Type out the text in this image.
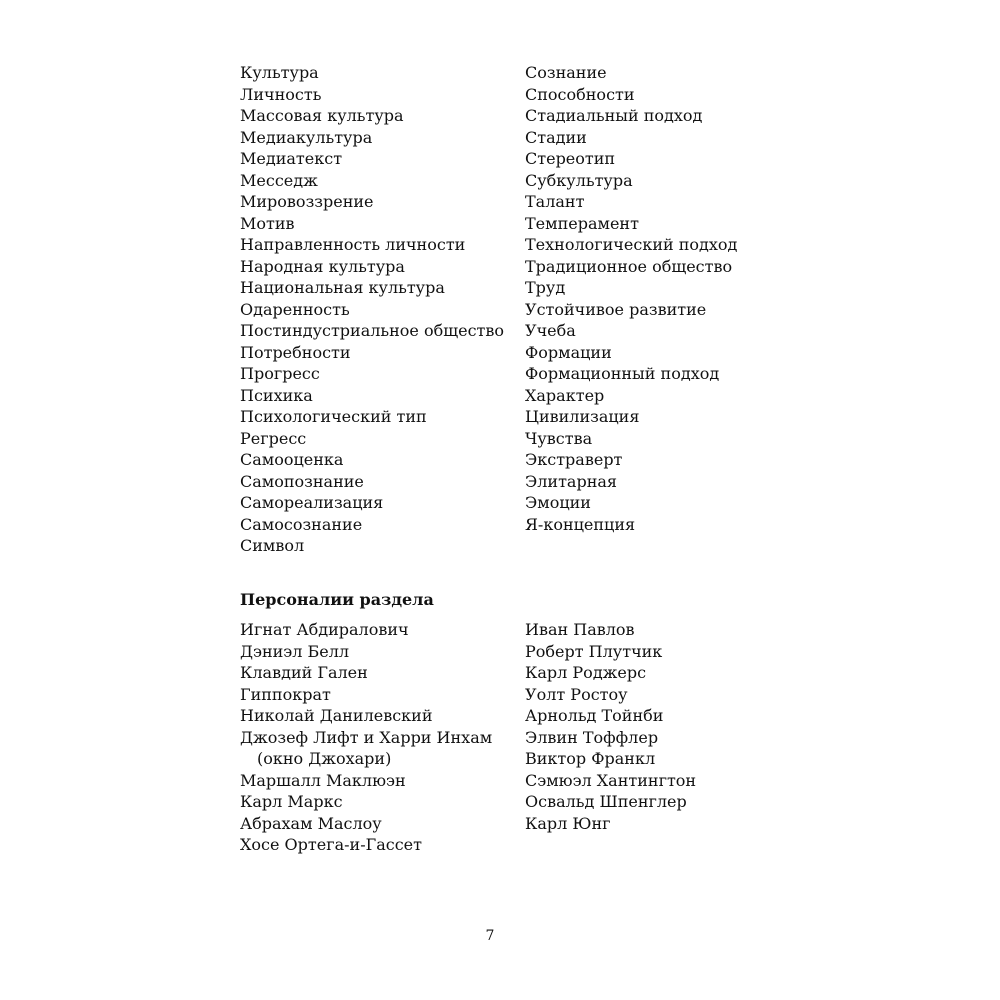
Культура
Личность
Массовая культура
Медиакультура
Медиатекст
Месседж
Мировоззрение
Мотив
Направленность личности
Народная культура
Национальная культура
Одаренность
Постиндустриальное общество
Потребности
Прогресс
Психика
Психологический тип
Регресс
Самооценка
Самопознание
Самореализация
Самосознание
Символ
Сознание
Способности
Стадиальный подход
Стадии
Стереотип
Субкультура
Талант
Темперамент
Технологический подход
Традиционное общество
Труд
Устойчивое развитие
Учеба
Формации
Формационный подход
Характер
Цивилизация
Чувства
Экстраверт
Элитарная
Эмоции
Я-концепция
Персоналии раздела
Игнат Абдиралович
Дэниэл Белл
Клавдий Гален
Гиппократ
Николай Данилевский
Джозеф Лифт и Харри Инхам
(окно Джохари)
Маршалл Маклюэн
Карл Маркс
Абрахам Маслоу
Хосе Ортега-и-Гассет
Иван Павлов
Роберт Плутчик
Карл Роджерс
Уолт Ростоу
Арнольд Тойнби
Элвин Тоффлер
Виктор Франкл
Сэмюэл Хантингтон
Освальд Шпенглер
Карл Юнг
7
